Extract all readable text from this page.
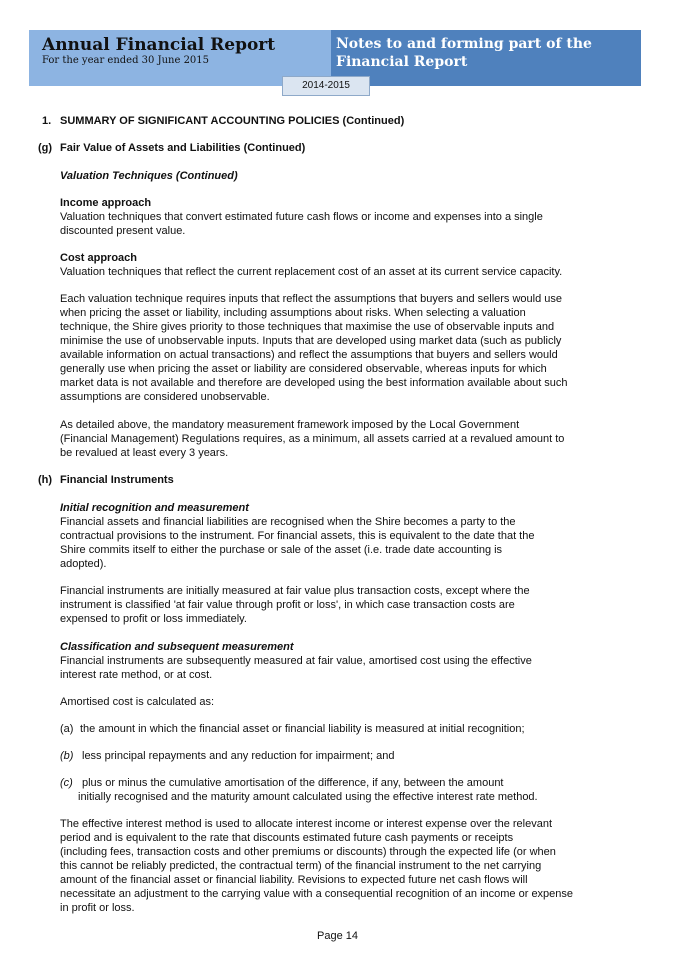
Annual Financial Report
For the year ended 30 June 2015
Notes to and forming part of the
Financial Report
2014-2015
1. SUMMARY OF SIGNIFICANT ACCOUNTING POLICIES (Continued)
(g) Fair Value of Assets and Liabilities (Continued)
Valuation Techniques (Continued)
Income approach
Valuation techniques that convert estimated future cash flows or income and expenses into a single
discounted present value.
Cost approach
Valuation techniques that reflect the current replacement cost of an asset at its current service capacity.
Each valuation technique requires inputs that reflect the assumptions that buyers and sellers would use
when pricing the asset or liability, including assumptions about risks. When selecting a valuation
technique, the Shire gives priority to those techniques that maximise the use of observable inputs and
minimise the use of unobservable inputs. Inputs that are developed using market data (such as publicly
available information on actual transactions) and reflect the assumptions that buyers and sellers would
generally use when pricing the asset or liability are considered observable, whereas inputs for which
market data is not available and therefore are developed using the best information available about such
assumptions are considered unobservable.
As detailed above, the mandatory measurement framework imposed by the Local Government
(Financial Management) Regulations requires, as a minimum, all assets carried at a revalued amount to
be revalued at least every 3 years.
(h) Financial Instruments
Initial recognition and measurement
Financial assets and financial liabilities are recognised when the Shire becomes a party to the
contractual provisions to the instrument. For financial assets, this is equivalent to the date that the
Shire commits itself to either the purchase or sale of the asset (i.e. trade date accounting is
adopted).
Financial instruments are initially measured at fair value plus transaction costs, except where the
instrument is classified 'at fair value through profit or loss', in which case transaction costs are
expensed to profit or loss immediately.
Classification and subsequent measurement
Financial instruments are subsequently measured at fair value, amortised cost using the effective
interest rate method, or at cost.
Amortised cost is calculated as:
(a) the amount in which the financial asset or financial liability is measured at initial recognition;
(b) less principal repayments and any reduction for impairment; and
(c) plus or minus the cumulative amortisation of the difference, if any, between the amount
initially recognised and the maturity amount calculated using the effective interest rate method.
The effective interest method is used to allocate interest income or interest expense over the relevant
period and is equivalent to the rate that discounts estimated future cash payments or receipts
(including fees, transaction costs and other premiums or discounts) through the expected life (or when
this cannot be reliably predicted, the contractual term) of the financial instrument to the net carrying
amount of the financial asset or financial liability. Revisions to expected future net cash flows will
necessitate an adjustment to the carrying value with a consequential recognition of an income or expense
in profit or loss.
Page 14
